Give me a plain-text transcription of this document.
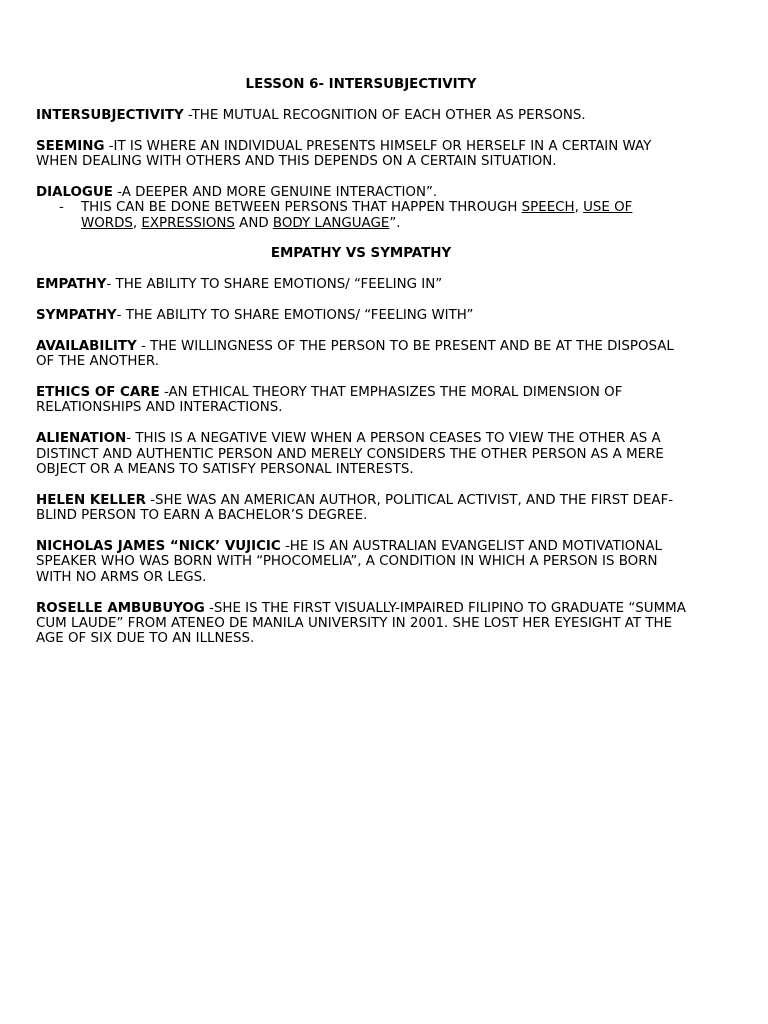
LESSON 6- INTERSUBJECTIVITY

INTERSUBJECTIVITY -THE MUTUAL RECOGNITION OF EACH OTHER AS PERSONS.

SEEMING -IT IS WHERE AN INDIVIDUAL PRESENTS HIMSELF OR HERSELF IN A CERTAIN WAY WHEN DEALING WITH OTHERS AND THIS DEPENDS ON A CERTAIN SITUATION.

DIALOGUE -A DEEPER AND MORE GENUINE INTERACTION”.

-	THIS CAN BE DONE BETWEEN PERSONS THAT HAPPEN THROUGH SPEECH, USE OF WORDS, EXPRESSIONS AND BODY LANGUAGE”.

EMPATHY VS SYMPATHY

EMPATHY- THE ABILITY TO SHARE EMOTIONS/ “FEELING IN”

SYMPATHY- THE ABILITY TO SHARE EMOTIONS/ “FEELING WITH”

AVAILABILITY - THE WILLINGNESS OF THE PERSON TO BE PRESENT AND BE AT THE DISPOSAL OF THE ANOTHER.

ETHICS OF CARE -AN ETHICAL THEORY THAT EMPHASIZES THE MORAL DIMENSION OF RELATIONSHIPS AND INTERACTIONS.

ALIENATION- THIS IS A NEGATIVE VIEW WHEN A PERSON CEASES TO VIEW THE OTHER AS A DISTINCT AND AUTHENTIC PERSON AND MERELY CONSIDERS THE OTHER PERSON AS A MERE OBJECT OR A MEANS TO SATISFY PERSONAL INTERESTS.

HELEN KELLER -SHE WAS AN AMERICAN AUTHOR, POLITICAL ACTIVIST, AND THE FIRST DEAF-BLIND PERSON TO EARN A BACHELOR’S DEGREE.

NICHOLAS JAMES “NICK’ VUJICIC -HE IS AN AUSTRALIAN EVANGELIST AND MOTIVATIONAL SPEAKER WHO WAS BORN WITH “PHOCOMELIA”, A CONDITION IN WHICH A PERSON IS BORN WITH NO ARMS OR LEGS.

ROSELLE AMBUBUYOG -SHE IS THE FIRST VISUALLY-IMPAIRED FILIPINO TO GRADUATE “SUMMA CUM LAUDE” FROM ATENEO DE MANILA UNIVERSITY IN 2001. SHE LOST HER EYESIGHT AT THE AGE OF SIX DUE TO AN ILLNESS.
